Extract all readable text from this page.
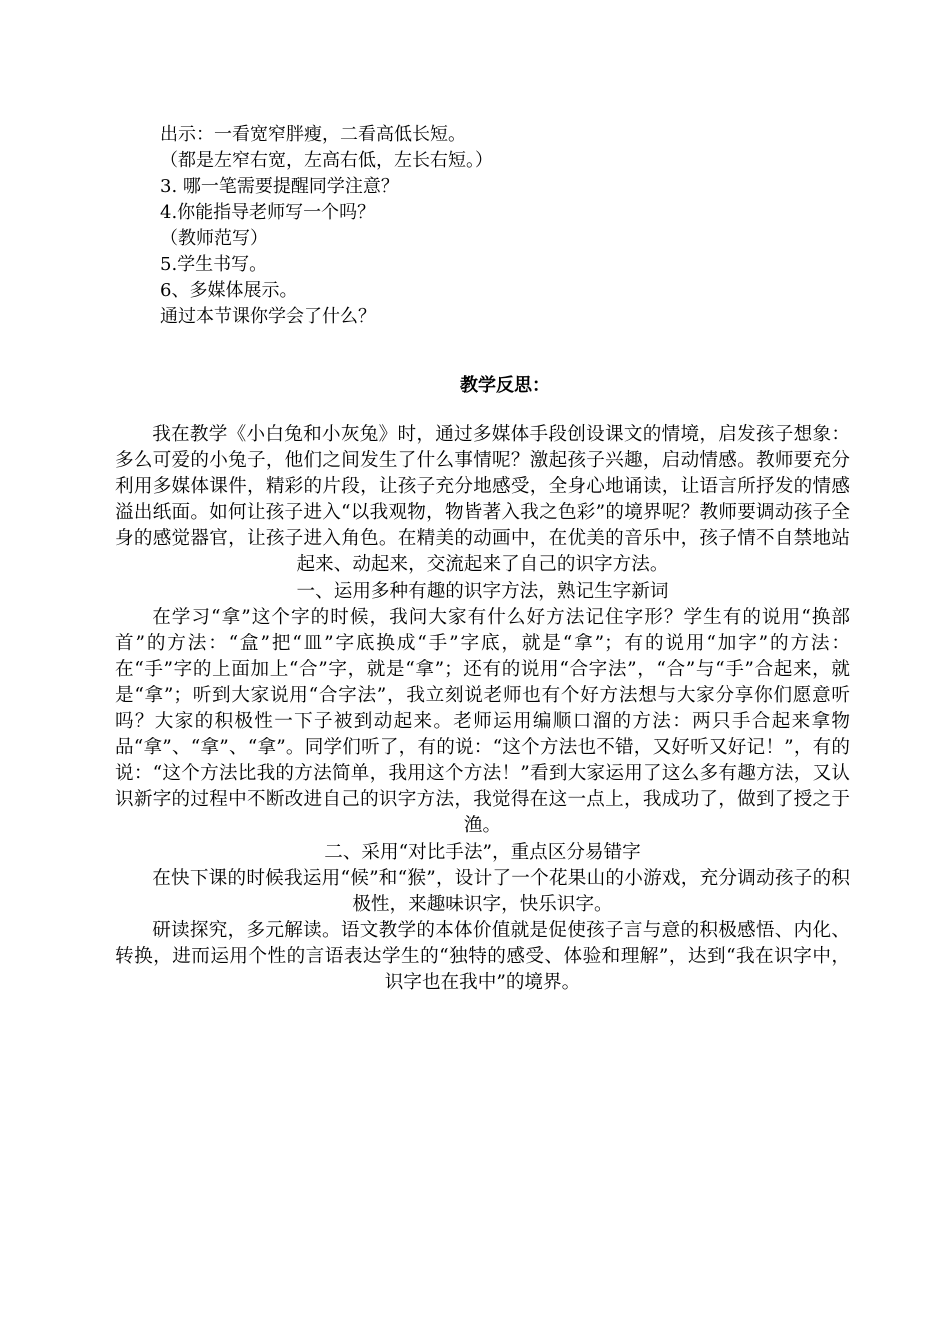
出示：一看宽窄胖瘦，二看高低长短。
（都是左窄右宽，左高右低，左长右短。）
3. 哪一笔需要提醒同学注意？
4.你能指导老师写一个吗？
（教师范写）
5.学生书写。
6、多媒体展示。
通过本节课你学会了什么？
教学反思：

我在教学《小白兔和小灰兔》时，通过多媒体手段创设课文的情境，启发孩子想象：多么可爱的小兔子，他们之间发生了什么事情呢？激起孩子兴趣，启动情感。教师要充分利用多媒体课件，精彩的片段，让孩子充分地感受，全身心地诵读，让语言所抒发的情感溢出纸面。如何让孩子进入“以我观物，物皆著入我之色彩”的境界呢？教师要调动孩子全身的感觉器官，让孩子进入角色。在精美的动画中，在优美的音乐中，孩子情不自禁地站起来、动起来，交流起来了自己的识字方法。

一、运用多种有趣的识字方法，熟记生字新词

在学习“拿”这个字的时候，我问大家有什么好方法记住字形？学生有的说用“换部首”的方法：“盒”把“皿”字底换成“手”字底，就是“拿”；有的说用“加字”的方法：在“手”字的上面加上“合”字，就是“拿”；还有的说用“合字法”，“合”与“手”合起来，就是“拿”；听到大家说用“合字法”，我立刻说老师也有个好方法想与大家分享你们愿意听吗？大家的积极性一下子被到动起来。老师运用编顺口溜的方法：两只手合起来拿物品“拿”、“拿”、“拿”。同学们听了，有的说：“这个方法也不错，又好听又好记！”，有的说：“这个方法比我的方法简单，我用这个方法！”看到大家运用了这么多有趣方法，又认识新字的过程中不断改进自己的识字方法，我觉得在这一点上，我成功了，做到了授之于渔。

二、采用“对比手法”，重点区分易错字

在快下课的时候我运用“候”和“猴”，设计了一个花果山的小游戏，充分调动孩子的积极性，来趣味识字，快乐识字。

研读探究，多元解读。语文教学的本体价值就是促使孩子言与意的积极感悟、内化、转换，进而运用个性的言语表达学生的“独特的感受、体验和理解”，达到“我在识字中，识字也在我中”的境界。
